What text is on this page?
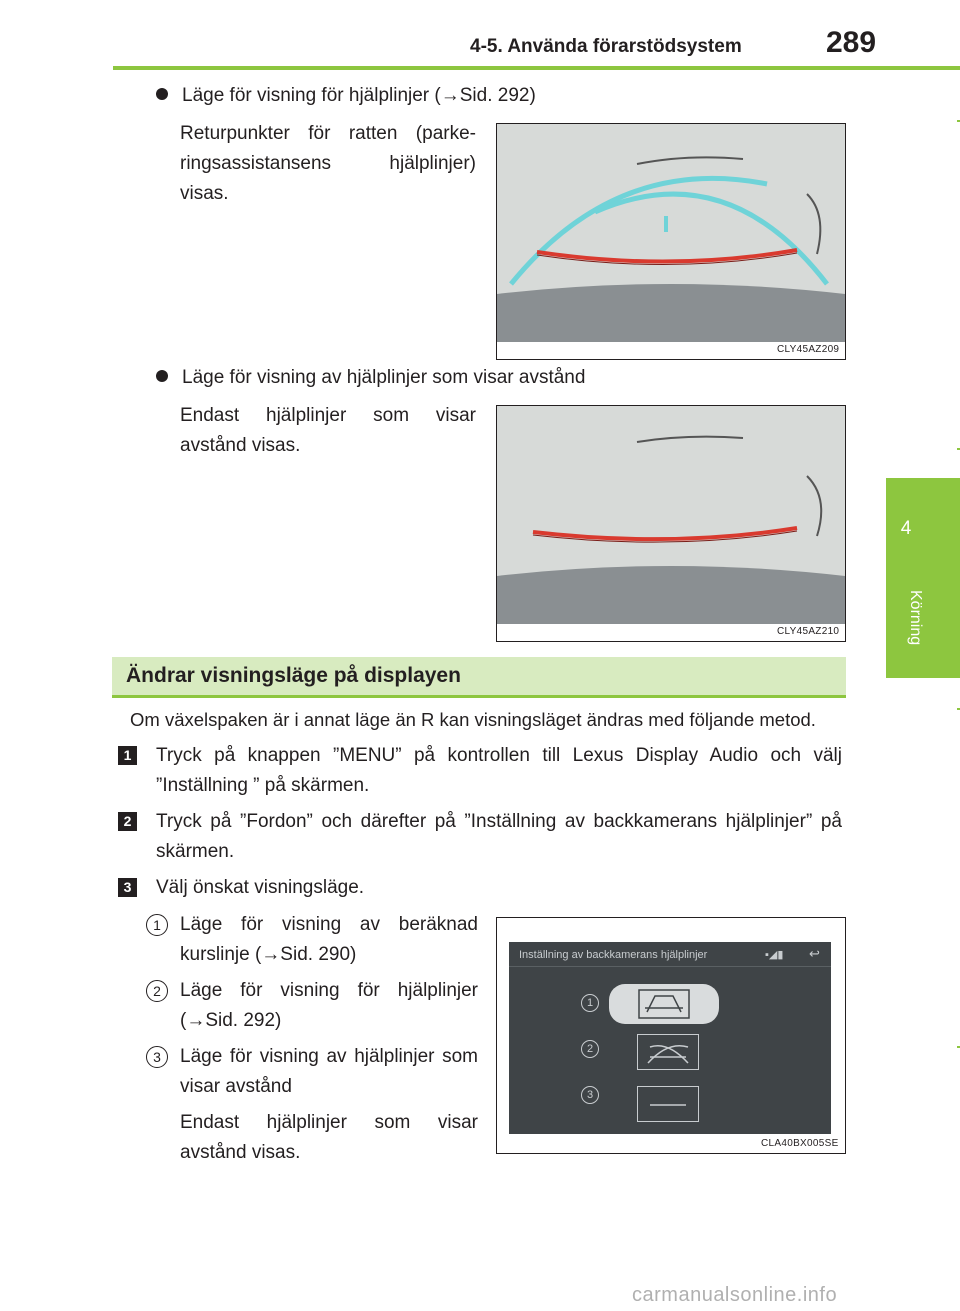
4-5. Använda förarstödsystem	289
4
Körning
Läge för visning för hjälplinjer (→Sid. 292)
Returpunkter för ratten (parkeringsassistansens hjälplinjer) visas.
CLY45AZ209
Läge för visning av hjälplinjer som visar avstånd
Endast hjälplinjer som visar avstånd visas.
CLY45AZ210
Ändrar visningsläge på displayen
Om växelspaken är i annat läge än R kan visningsläget ändras med följande metod.
1 Tryck på knappen ”MENU” på kontrollen till Lexus Display Audio och välj ”Inställning ” på skärmen.
2 Tryck på ”Fordon” och därefter på ”Inställning av backkamerans hjälplinjer” på skärmen.
3 Välj önskat visningsläge.
1	Läge för visning av beräknad kurslinje (→Sid. 290)
2	Läge för visning för hjälplinjer (→Sid. 292)
3	Läge för visning av hjälplinjer som visar avstånd
Endast hjälplinjer som visar avstånd visas.
Inställning av backkamerans hjälplinjer	▪◢▮ ↩
1
2
3
CLA40BX005SE
carmanualsonline.info
